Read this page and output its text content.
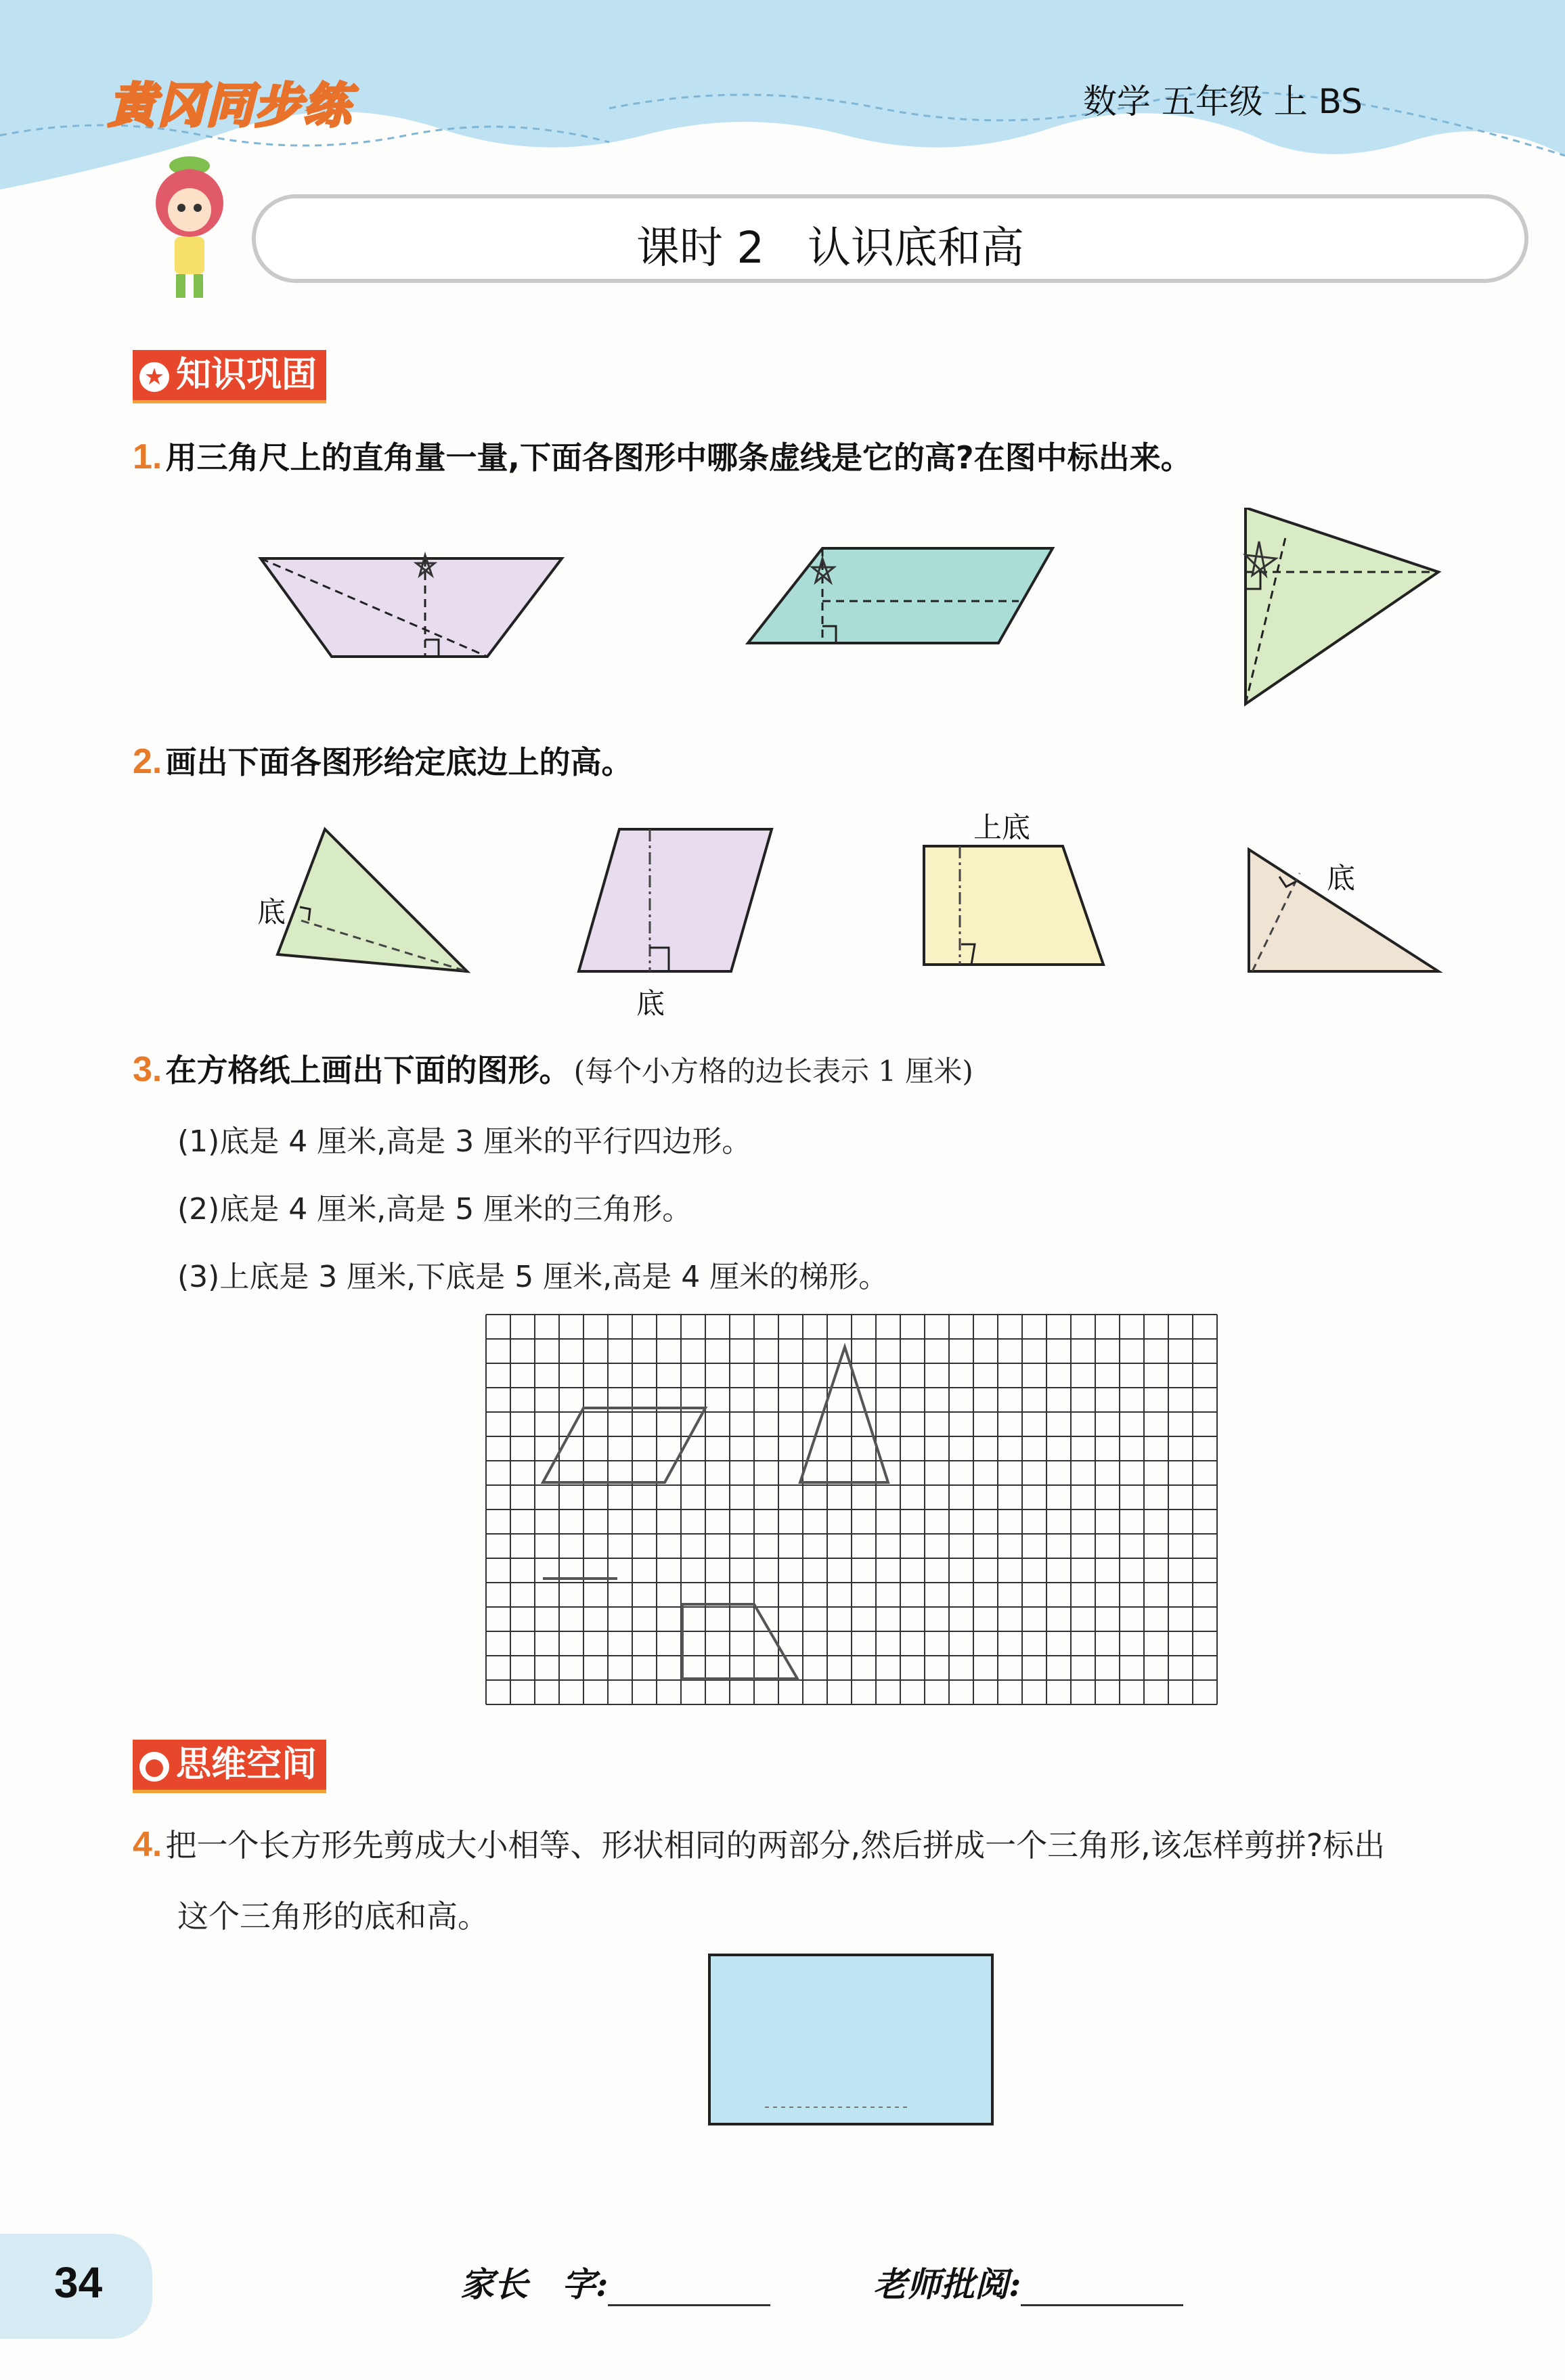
黄冈同步练	数学 五年级 上 BS
课时 2　认识底和高
★ 知识巩固
1. 用三角尺上的直角量一量,下面各图形中哪条虚线是它的高?在图中标出来。
2. 画出下面各图形给定底边上的高。
底
底
上底
底
3. 在方格纸上画出下面的图形。 (每个小方格的边长表示 1 厘米)
(1)底是 4 厘米,高是 3 厘米的平行四边形。
(2)底是 4 厘米,高是 5 厘米的三角形。
(3)上底是 3 厘米,下底是 5 厘米,高是 4 厘米的梯形。
● 思维空间
4. 把一个长方形先剪成大小相等、形状相同的两部分,然后拼成一个三角形,该怎样剪拼?标出
这个三角形的底和高。
34	家长　字:	老师批阅:
